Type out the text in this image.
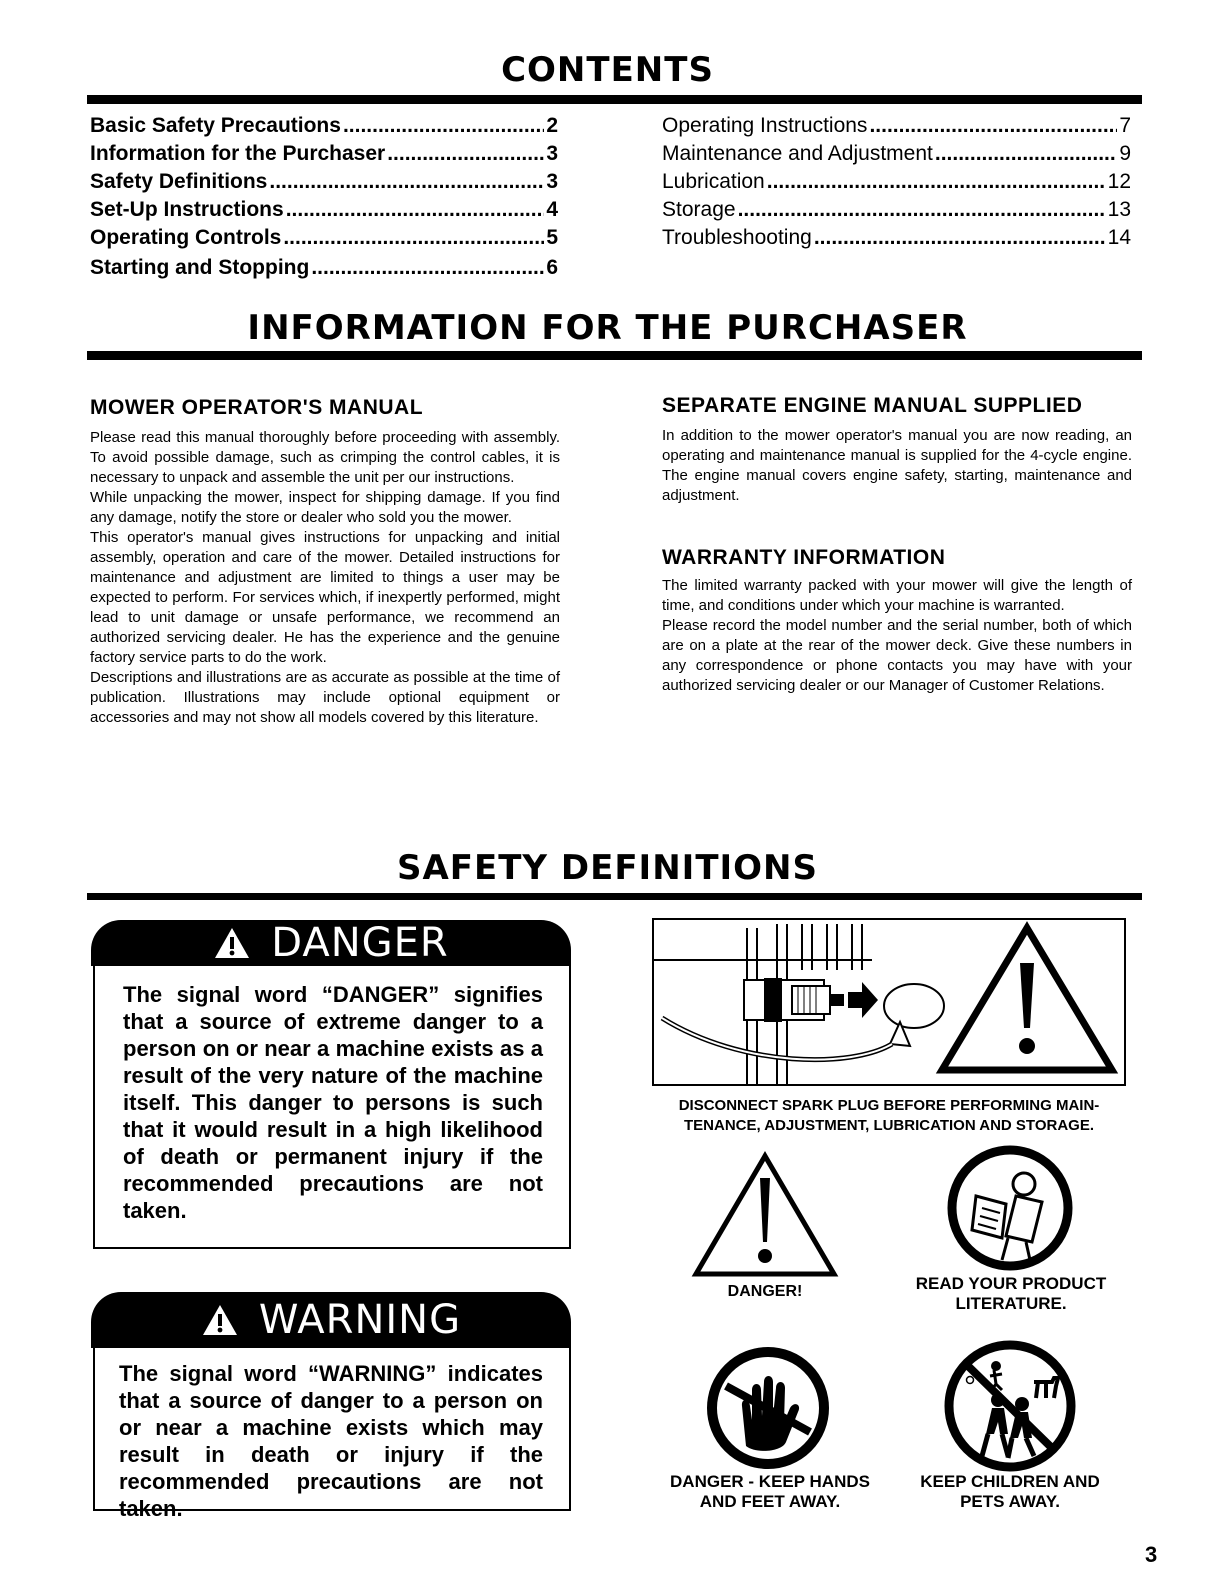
CONTENTS
Basic Safety Precautions .....	2
Information for the Purchaser .....	3
Safety Definitions .....	3
Set-Up Instructions .....	4
Operating Controls .....	5
Starting and Stopping .....	6
Operating Instructions .....	7
Maintenance and Adjustment .....	9
Lubrication .....	12
Storage .....	13
Troubleshooting .....	14
INFORMATION FOR THE PURCHASER
MOWER OPERATOR'S MANUAL

Please read this manual thoroughly before proceeding with assembly. To avoid possible damage, such as crimping the control cables, it is necessary to unpack and assemble the unit per our instructions.

While unpacking the mower, inspect for shipping damage. If you find any damage, notify the store or dealer who sold you the mower.

This operator's manual gives instructions for unpacking and initial assembly, operation and care of the mower. Detailed instructions for maintenance and adjustment are limited to things a user may be expected to perform. For services which, if inexpertly performed, might lead to unit damage or unsafe performance, we recommend an authorized servicing dealer. He has the experience and the genuine factory service parts to do the work.

Descriptions and illustrations are as accurate as possible at the time of publication. Illustrations may include optional equipment or accessories and may not show all models covered by this literature.

SEPARATE ENGINE MANUAL SUPPLIED
In addition to the mower operator's manual you are now reading, an operating and maintenance manual is supplied for the 4-cycle engine. The engine manual covers engine safety, starting, maintenance and adjustment.
WARRANTY INFORMATION

The limited warranty packed with your mower will give the length of time, and conditions under which your machine is warranted.

Please record the model number and the serial number, both of which are on a plate at the rear of the mower deck. Give these numbers in any correspondence or phone contacts you may have with your authorized servicing dealer or our Manager of Customer Relations.

SAFETY DEFINITIONS
DANGER
The signal word “DANGER” signifies that a source of extreme danger to a person on or near a machine exists as a result of the very nature of the machine itself. This danger to persons is such that it would result in a high likelihood of death or permanent injury if the recommended precautions are not taken.
WARNING
The signal word “WARNING” indicates that a source of danger to a person on or near a machine exists which may result in death or injury if the recommended precautions are not taken.
DISCONNECT SPARK PLUG BEFORE PERFORMING MAIN-TENANCE, ADJUSTMENT, LUBRICATION AND STORAGE.
DANGER!	READ YOUR PRODUCT LITERATURE.
DANGER - KEEP HANDS AND FEET AWAY.
KEEP CHILDREN AND PETS AWAY.
3
